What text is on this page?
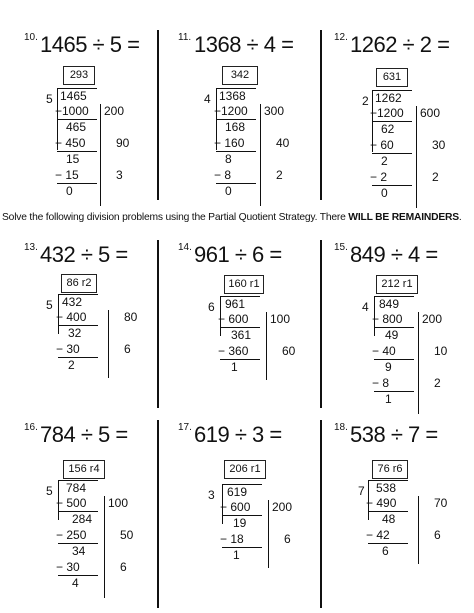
Solve the following division problems using the Partial Quotient Strategy. There WILL BE REMAINDERS.
10. 1465 ÷ 5 =
293
5 1465
−1000 200
465
− 450	90
15
− 15	3
0
11. 1368 ÷ 4 =
342
4 1368
−1200 300
168
− 160	40
8
− 8	2
0
12. 1262 ÷ 2 =
631
2 1262
−1200 600
62
− 60	30
2
− 2	2
0
13. 432 ÷ 5 =
86 r2
5 432
− 400	80
32
− 30	6
2
14. 961 ÷ 6 =
160 r1
6 961
− 600 100
361
− 360	60
1
15. 849 ÷ 4 =
212 r1
4 849
− 800 200
49
− 40	10
9
− 8	2
1
16. 784 ÷ 5 =
156 r4
5 784
− 500 100
284
− 250	50
34
− 30	6
4
17. 619 ÷ 3 =
206 r1
3 619
− 600 200
19
− 18	6
1
18. 538 ÷ 7 =
76 r6
7 538
− 490	70
48
− 42	6
6
